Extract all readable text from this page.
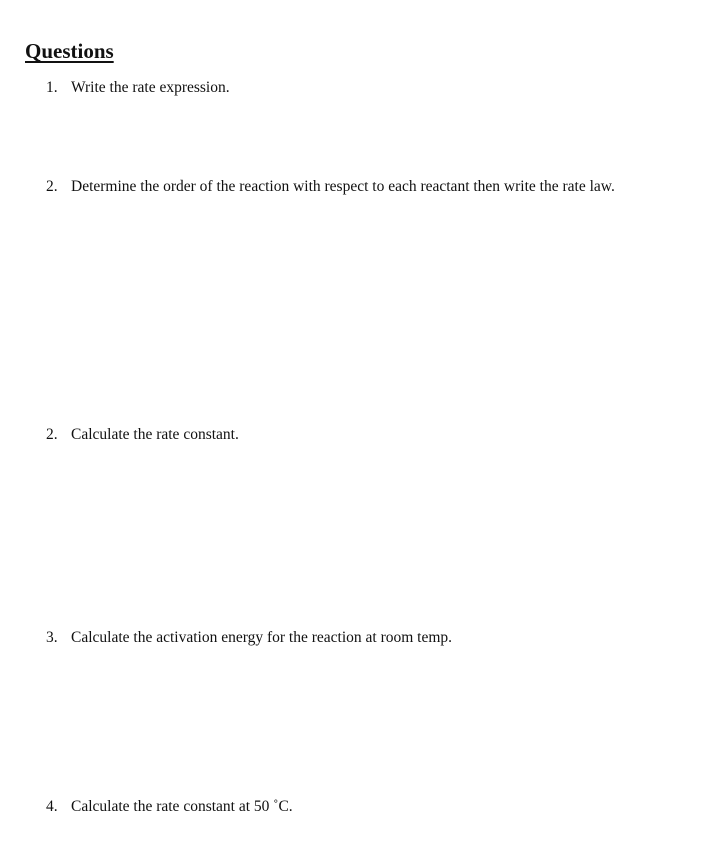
Questions
1. Write the rate expression.
2. Determine the order of the reaction with respect to each reactant then write the rate law.
2. Calculate the rate constant.
3. Calculate the activation energy for the reaction at room temp.
4. Calculate the rate constant at 50 ˚C.
